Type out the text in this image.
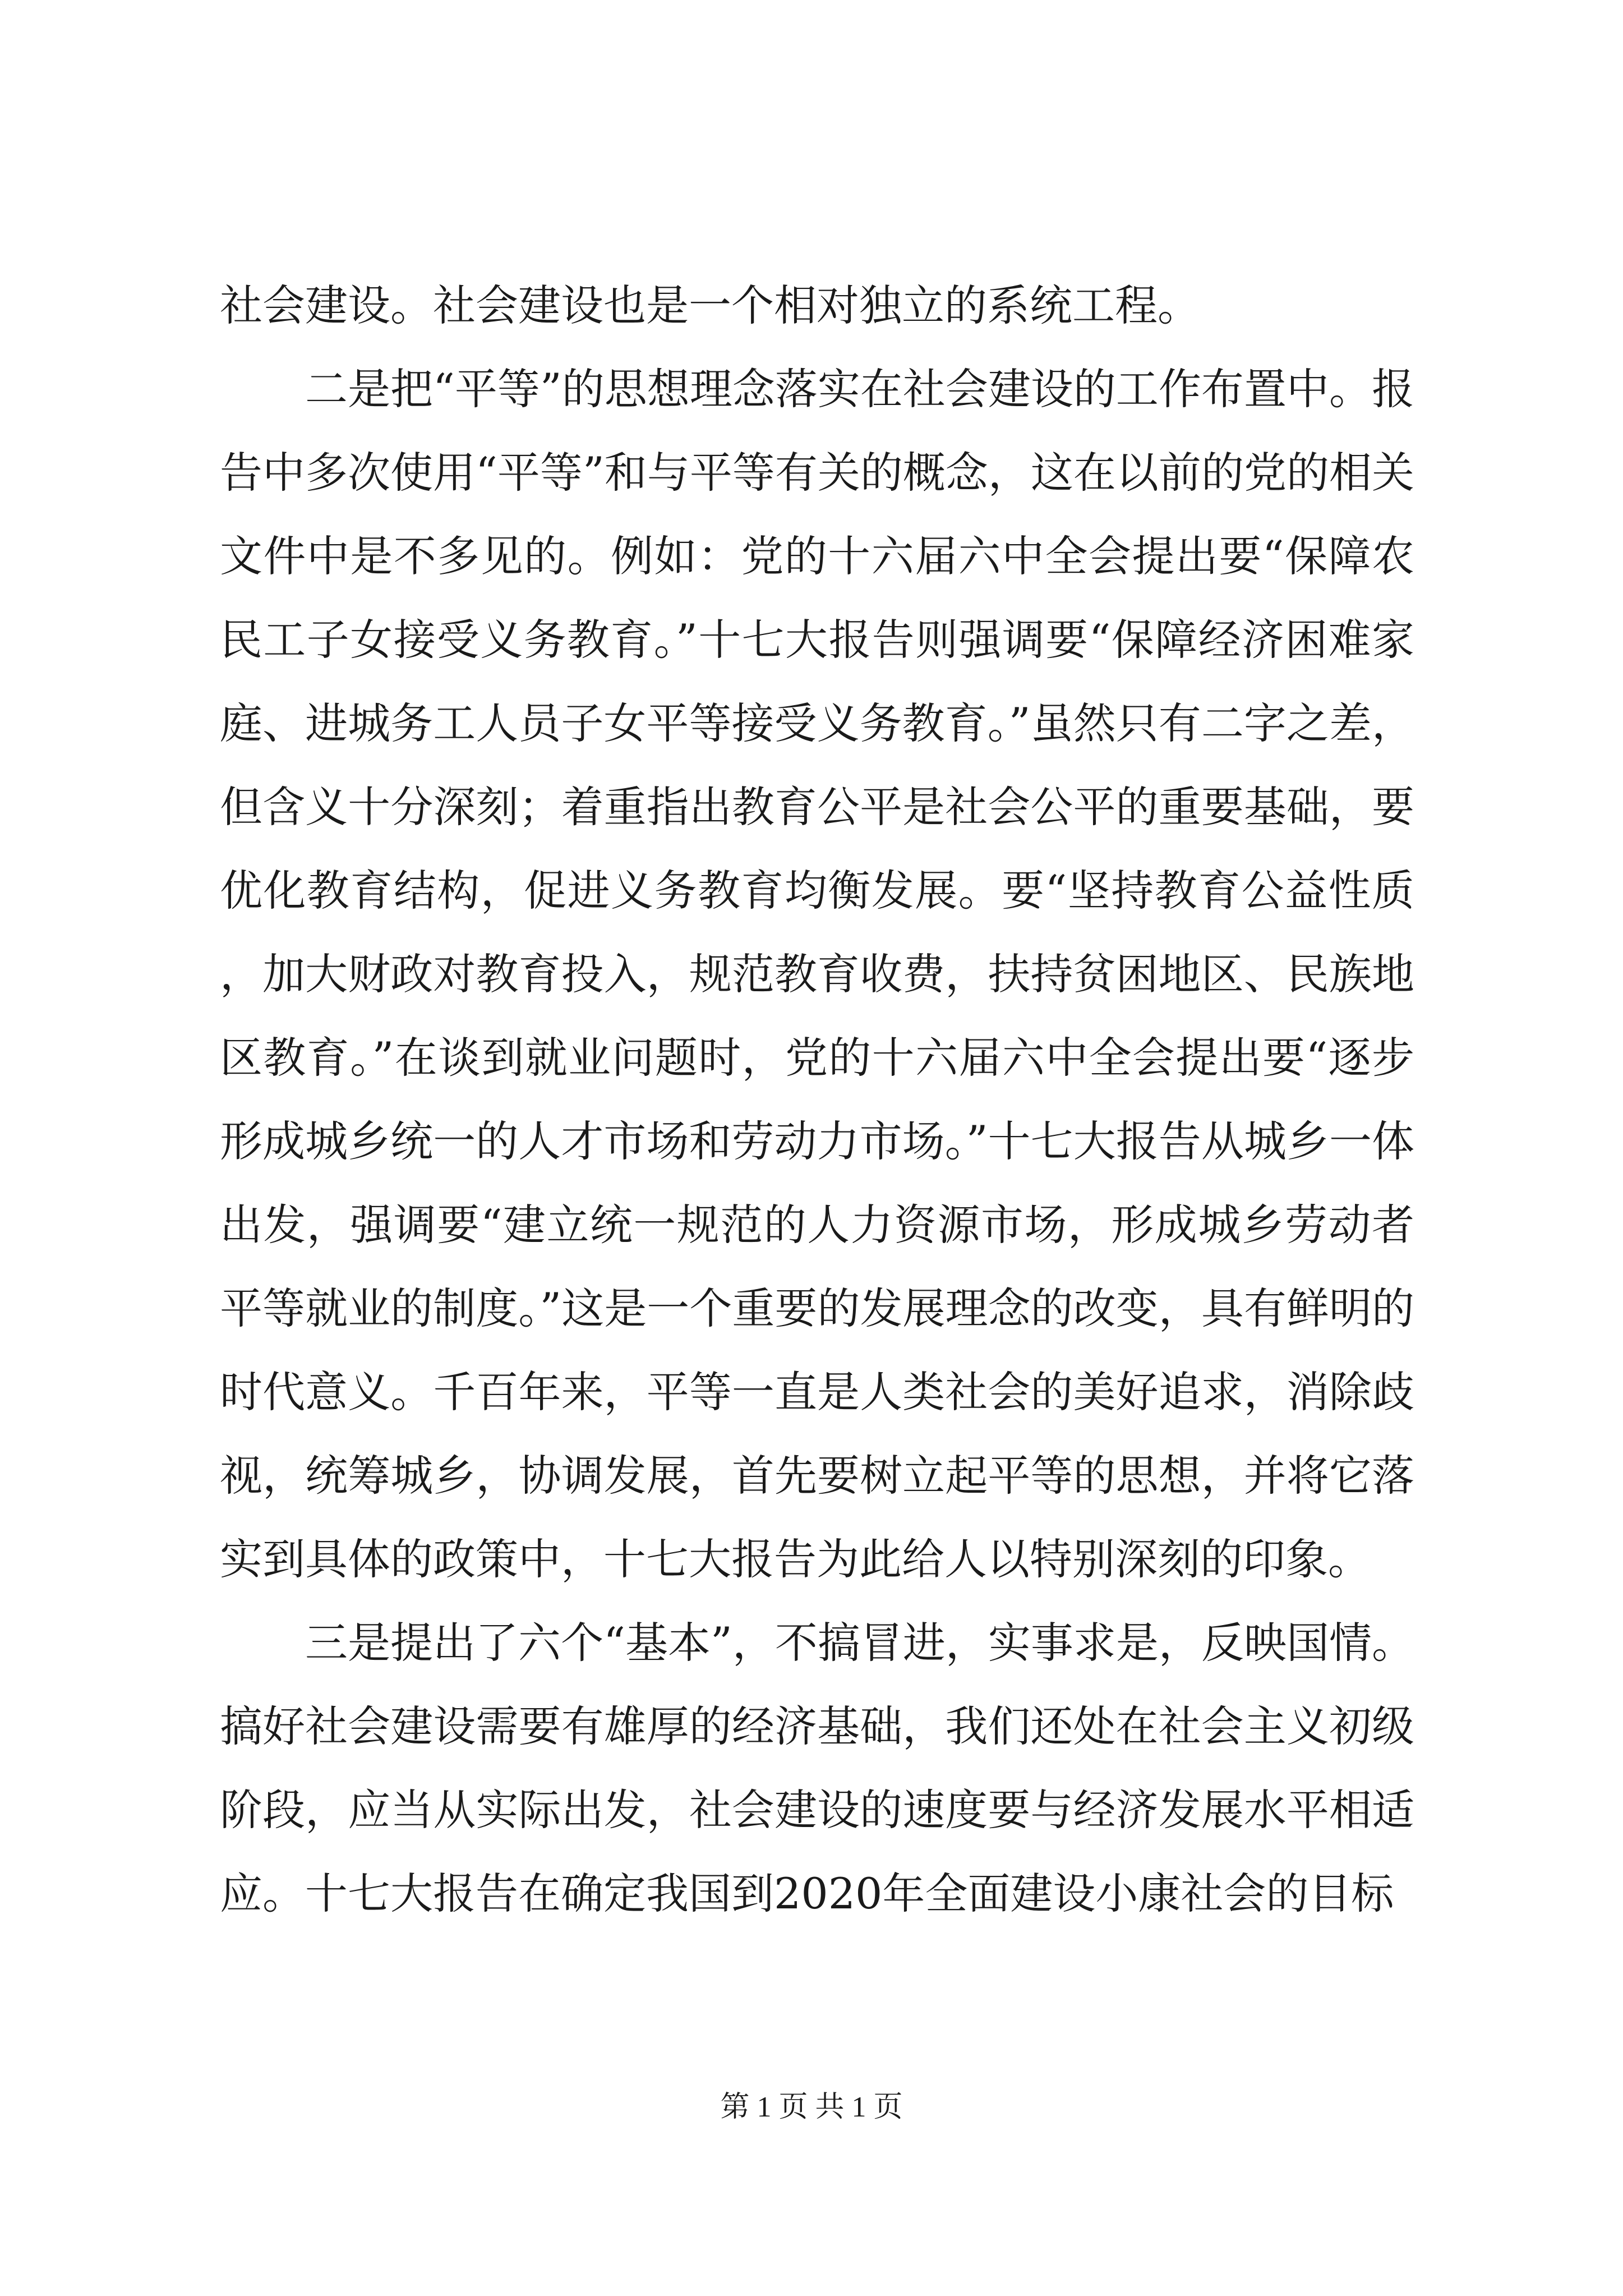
社会建设。社会建设也是一个相对独立的系统工程。

二是把“平等”的思想理念落实在社会建设的工作布置中。报告中多次使用“平等”和与平等有关的概念，这在以前的党的相关文件中是不多见的。例如：党的十六届六中全会提出要“保障农民工子女接受义务教育。”十七大报告则强调要“保障经济困难家庭、进城务工人员子女平等接受义务教育。”虽然只有二字之差，但含义十分深刻；着重指出教育公平是社会公平的重要基础，要优化教育结构，促进义务教育均衡发展。要“坚持教育公益性质，加大财政对教育投入，规范教育收费，扶持贫困地区、民族地区教育。”在谈到就业问题时，党的十六届六中全会提出要“逐步形成城乡统一的人才市场和劳动力市场。”十七大报告从城乡一体出发，强调要“建立统一规范的人力资源市场，形成城乡劳动者平等就业的制度。”这是一个重要的发展理念的改变，具有鲜明的时代意义。千百年来，平等一直是人类社会的美好追求，消除歧视，统筹城乡，协调发展，首先要树立起平等的思想，并将它落实到具体的政策中，十七大报告为此给人以特别深刻的印象。

三是提出了六个“基本”，不搞冒进，实事求是，反映国情。搞好社会建设需要有雄厚的经济基础，我们还处在社会主义初级阶段，应当从实际出发，社会建设的速度要与经济发展水平相适应。十七大报告在确定我国到2020年全面建设小康社会的目标

第 1 页 共 1 页
